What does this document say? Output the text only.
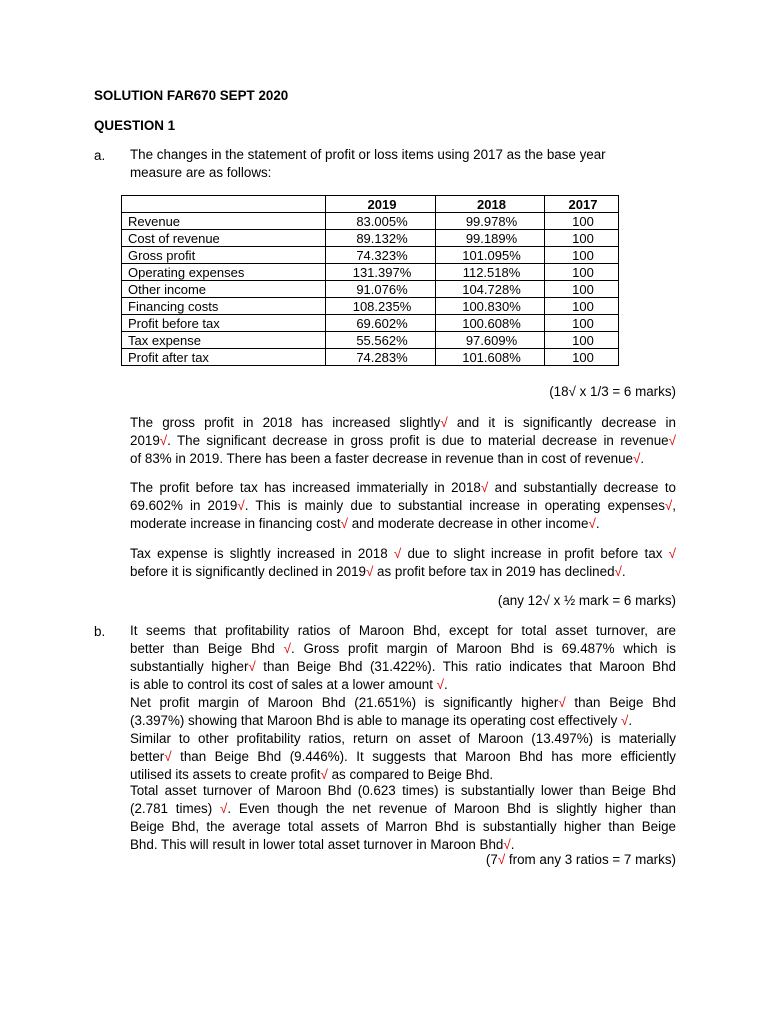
SOLUTION FAR670 SEPT 2020
QUESTION 1
a. The changes in the statement of profit or loss items using 2017 as the base year
measure are as follows:
	2019	2018	2017
Revenue	83.005%	99.978%	100
Cost of revenue	89.132%	99.189%	100
Gross profit	74.323%	101.095%	100
Operating expenses	131.397%	112.518%	100
Other income	91.076%	104.728%	100
Financing costs	108.235%	100.830%	100
Profit before tax	69.602%	100.608%	100
Tax expense	55.562%	97.609%	100
Profit after tax	74.283%	101.608%	100
(18√ x 1/3 = 6 marks)
The gross profit in 2018 has increased slightly√ and it is significantly decrease in
2019√. The significant decrease in gross profit is due to material decrease in revenue√
of 83% in 2019. There has been a faster decrease in revenue than in cost of revenue√.
The profit before tax has increased immaterially in 2018√ and substantially decrease to
69.602% in 2019√. This is mainly due to substantial increase in operating expenses√,
moderate increase in financing cost√ and moderate decrease in other income√.
Tax expense is slightly increased in 2018 √ due to slight increase in profit before tax √
before it is significantly declined in 2019√ as profit before tax in 2019 has declined√.
(any 12√ x ½ mark = 6 marks)
b. It seems that profitability ratios of Maroon Bhd, except for total asset turnover, are
better than Beige Bhd √. Gross profit margin of Maroon Bhd is 69.487% which is
substantially higher√ than Beige Bhd (31.422%). This ratio indicates that Maroon Bhd
is able to control its cost of sales at a lower amount √.
Net profit margin of Maroon Bhd (21.651%) is significantly higher√ than Beige Bhd
(3.397%) showing that Maroon Bhd is able to manage its operating cost effectively √.
Similar to other profitability ratios, return on asset of Maroon (13.497%) is materially
better√ than Beige Bhd (9.446%). It suggests that Maroon Bhd has more efficiently
utilised its assets to create profit√ as compared to Beige Bhd.
Total asset turnover of Maroon Bhd (0.623 times) is substantially lower than Beige Bhd
(2.781 times) √. Even though the net revenue of Maroon Bhd is slightly higher than
Beige Bhd, the average total assets of Marron Bhd is substantially higher than Beige
Bhd. This will result in lower total asset turnover in Maroon Bhd√.
(7√ from any 3 ratios = 7 marks)
